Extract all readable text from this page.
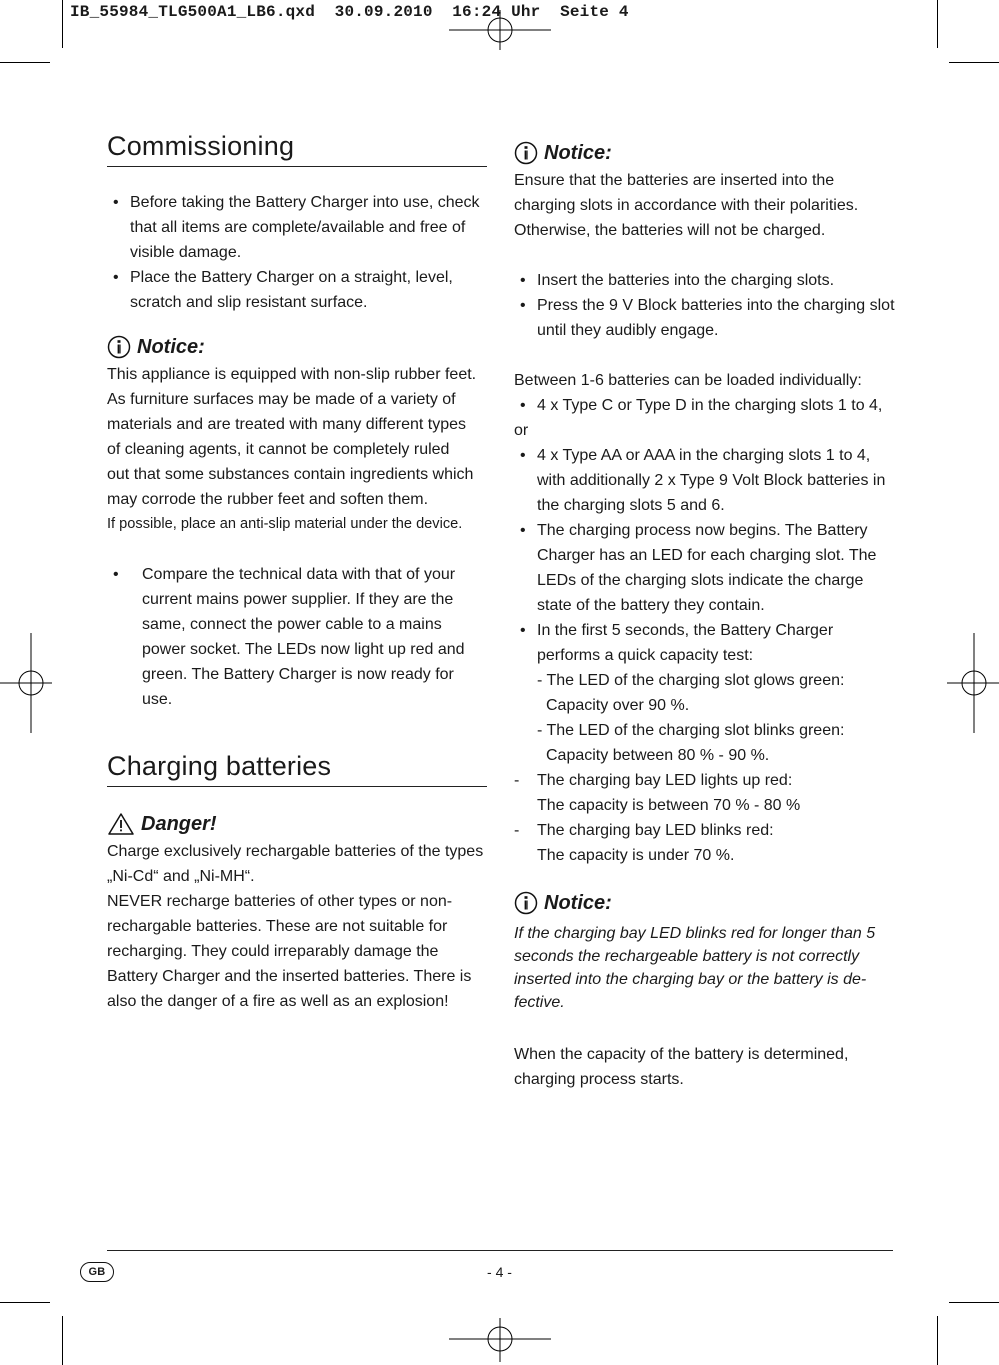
IB_55984_TLG500A1_LB6.qxd  30.09.2010  16:24 Uhr  Seite 4
Commissioning
• Before taking the Battery Charger into use, check that all items are complete/available and free of visible damage.
• Place the Battery Charger on a straight, level, scratch and slip resistant surface.
Notice:
This appliance is equipped with non-slip rubber feet.
As furniture surfaces may be made of a variety of
materials and are treated with many different types
of cleaning agents, it cannot be completely ruled
out that some substances contain ingredients which
may corrode the rubber feet and soften them.
If possible, place an anti-slip material under the device.
• Compare the technical data with that of your current mains power supplier. If they are the same, connect the power cable to a mains power socket. The LEDs now light up red and green. The Battery Charger is now ready for use.
Charging batteries
Danger!
Charge exclusively rechargable batteries of the types „Ni-Cd“ and „Ni-MH“.
NEVER recharge batteries of other types or non-rechargable batteries. These are not suitable for recharging. They could irreparably damage the Battery Charger and the inserted batteries. There is also the danger of a fire as well as an explosion!
Notice:
Ensure that the batteries are inserted into the charging slots in accordance with their polarities. Otherwise, the batteries will not be charged.
• Insert the batteries into the charging slots.
• Press the 9 V Block batteries into the charging slot until they audibly engage.
Between 1-6 batteries can be loaded individually:
• 4 x Type C or Type D in the charging slots 1 to 4,
or
• 4 x Type AA or AAA in the charging slots 1 to 4, with additionally 2 x Type 9 Volt Block batteries in the charging slots 5 and 6.
• The charging process now begins. The Battery Charger has an LED for each charging slot. The LEDs of the charging slots indicate the charge state of the battery they contain.
• In the first 5 seconds, the Battery Charger performs a quick capacity test:
- The LED of the charging slot glows green:
Capacity over 90 %.
- The LED of the charging slot blinks green:
Capacity between 80 % - 90 %.
- The charging bay LED lights up red:
The capacity is between 70 % - 80 %
- The charging bay LED blinks red:
The capacity is under 70 %.
Notice:
If the charging bay LED blinks red for longer than 5 seconds the rechargeable battery is not correctly inserted into the charging bay or the battery is de-fective.
When the capacity of the battery is determined, charging process starts.
GB	- 4 -
